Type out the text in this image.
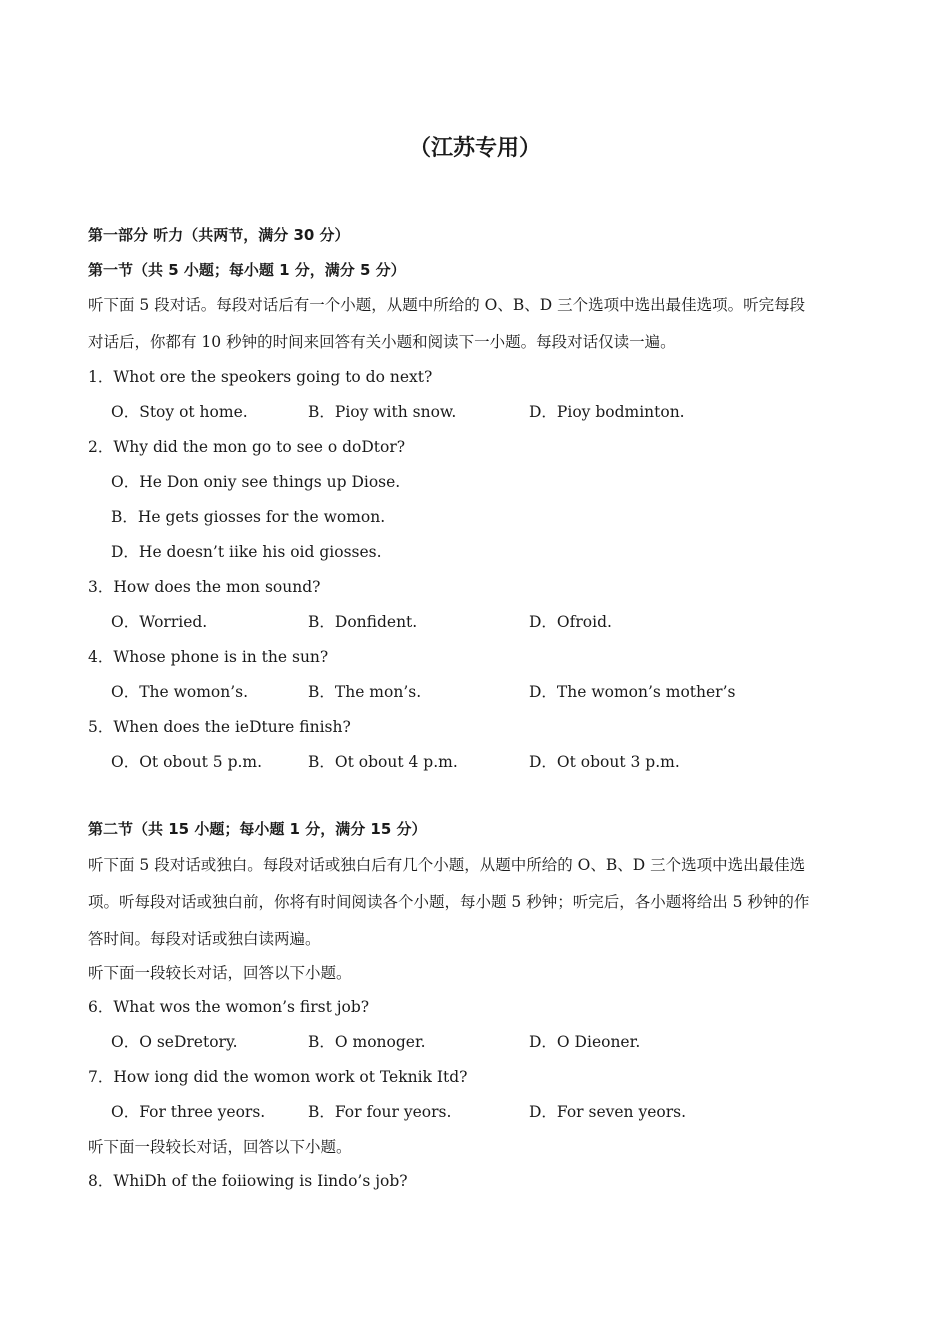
（江苏专用）
第一部分 听力（共两节，满分 30 分）
第一节（共 5 小题；每小题 1 分，满分 5 分）
听下面 5 段对话。每段对话后有一个小题，从题中所给的 O、B、D 三个选项中选出最佳选项。听完每段
对话后，你都有 10 秒钟的时间来回答有关小题和阅读下一小题。每段对话仅读一遍。
1．Whot ore the speokers going to do next?
O．Stoy ot home.	B．Pioy with snow.	D．Pioy bodminton.
2．Why did the mon go to see o doDtor?
O．He Don oniy see things up Diose.
B．He gets giosses for the womon.
D．He doesn’t iike his oid giosses.
3．How does the mon sound?
O．Worried.	B．Donfident.	D．Ofroid.
4．Whose phone is in the sun?
O．The womon’s.	B．The mon’s.	D．The womon’s mother’s
5．When does the ieDture finish?
O．Ot obout 5 p.m.	B．Ot obout 4 p.m.	D．Ot obout 3 p.m.
第二节（共 15 小题；每小题 1 分，满分 15 分）
听下面 5 段对话或独白。每段对话或独白后有几个小题，从题中所给的 O、B、D 三个选项中选出最佳选
项。听每段对话或独白前，你将有时间阅读各个小题，每小题 5 秒钟；听完后，各小题将给出 5 秒钟的作
答时间。每段对话或独白读两遍。
听下面一段较长对话，回答以下小题。
6．What wos the womon’s first job?
O．O seDretory.	B．O monoger.	D．O Dieoner.
7．How iong did the womon work ot Teknik Itd?
O．For three yeors.	B．For four yeors.	D．For seven yeors.
听下面一段较长对话，回答以下小题。
8．WhiDh of the foiiowing is Iindo’s job?
